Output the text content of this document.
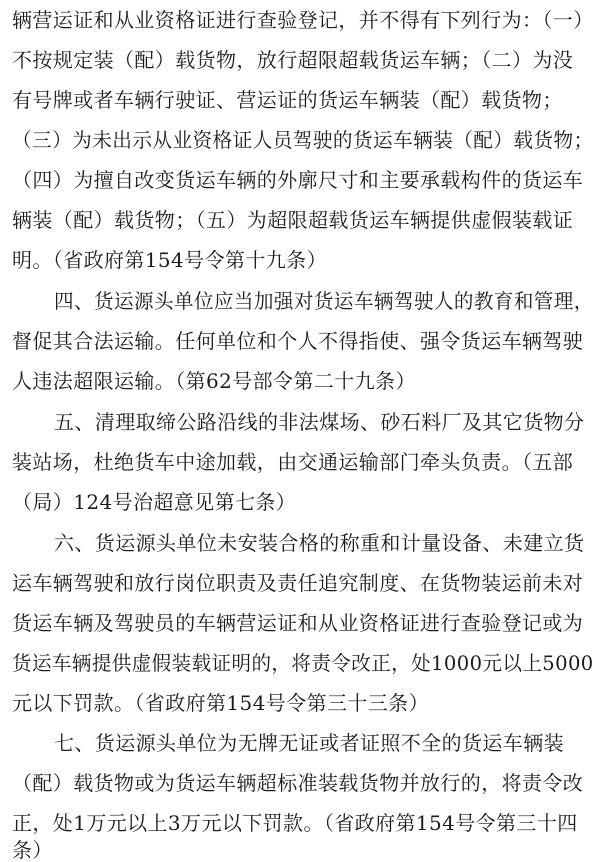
辆营运证和从业资格证进行查验登记，并不得有下列行为：（一）
不按规定装（配）载货物，放行超限超载货运车辆；（二）为没
有号牌或者车辆行驶证、营运证的货运车辆装（配）载货物；
（三）为未出示从业资格证人员驾驶的货运车辆装（配）载货物；
（四）为擅自改变货运车辆的外廓尺寸和主要承载构件的货运车
辆装（配）载货物；（五）为超限超载货运车辆提供虚假装载证
明。（省政府第154号令第十九条）
四、货运源头单位应当加强对货运车辆驾驶人的教育和管理，
督促其合法运输。任何单位和个人不得指使、强令货运车辆驾驶
人违法超限运输。（第62号部令第二十九条）
五、清理取缔公路沿线的非法煤场、砂石料厂及其它货物分
装站场，杜绝货车中途加载，由交通运输部门牵头负责。（五部
（局）124号治超意见第七条）
六、货运源头单位未安装合格的称重和计量设备、未建立货
运车辆驾驶和放行岗位职责及责任追究制度、在货物装运前未对
货运车辆及驾驶员的车辆营运证和从业资格证进行查验登记或为
货运车辆提供虚假装载证明的，将责令改正，处1000元以上5000
元以下罚款。（省政府第154号令第三十三条）
七、货运源头单位为无牌无证或者证照不全的货运车辆装
（配）载货物或为货运车辆超标准装载货物并放行的，将责令改
正，处1万元以上3万元以下罚款。（省政府第154号令第三十四
条）
